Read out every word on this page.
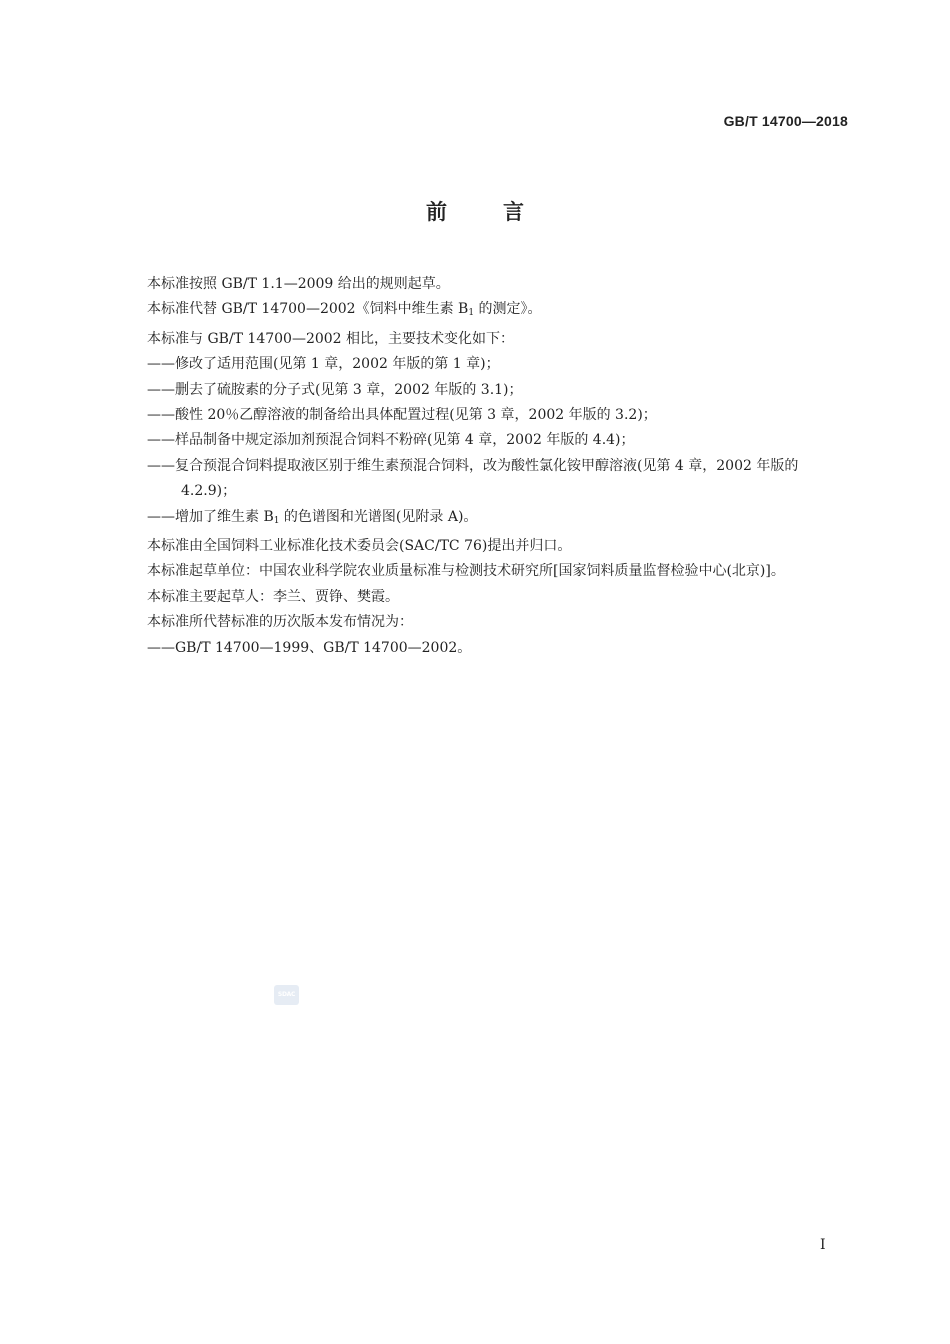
GB/T 14700—2018
前言

本标准按照 GB/T 1.1—2009 给出的规则起草。

本标准代替 GB/T 14700—2002《饲料中维生素 $B_1$ 的测定》。

本标准与 GB/T 14700—2002 相比，主要技术变化如下：

——修改了适用范围(见第 1 章，2002 年版的第 1 章)；

——删去了硫胺素的分子式(见第 3 章，2002 年版的 3.1)；

——酸性 20％乙醇溶液的制备给出具体配置过程(见第 3 章，2002 年版的 3.2)；

——样品制备中规定添加剂预混合饲料不粉碎(见第 4 章，2002 年版的 4.4)；

——复合预混合饲料提取液区别于维生素预混合饲料，改为酸性氯化铵甲醇溶液(见第 4 章，2002 年版的 4.2.9)；

——增加了维生素 $B_1$ 的色谱图和光谱图(见附录 A)。

本标准由全国饲料工业标准化技术委员会(SAC/TC 76)提出并归口。

本标准起草单位：中国农业科学院农业质量标准与检测技术研究所[国家饲料质量监督检验中心(北京)]。

本标准主要起草人：李兰、贾铮、樊霞。

本标准所代替标准的历次版本发布情况为：

——GB/T 14700—1999、GB/T 14700—2002。

SDAC
I
